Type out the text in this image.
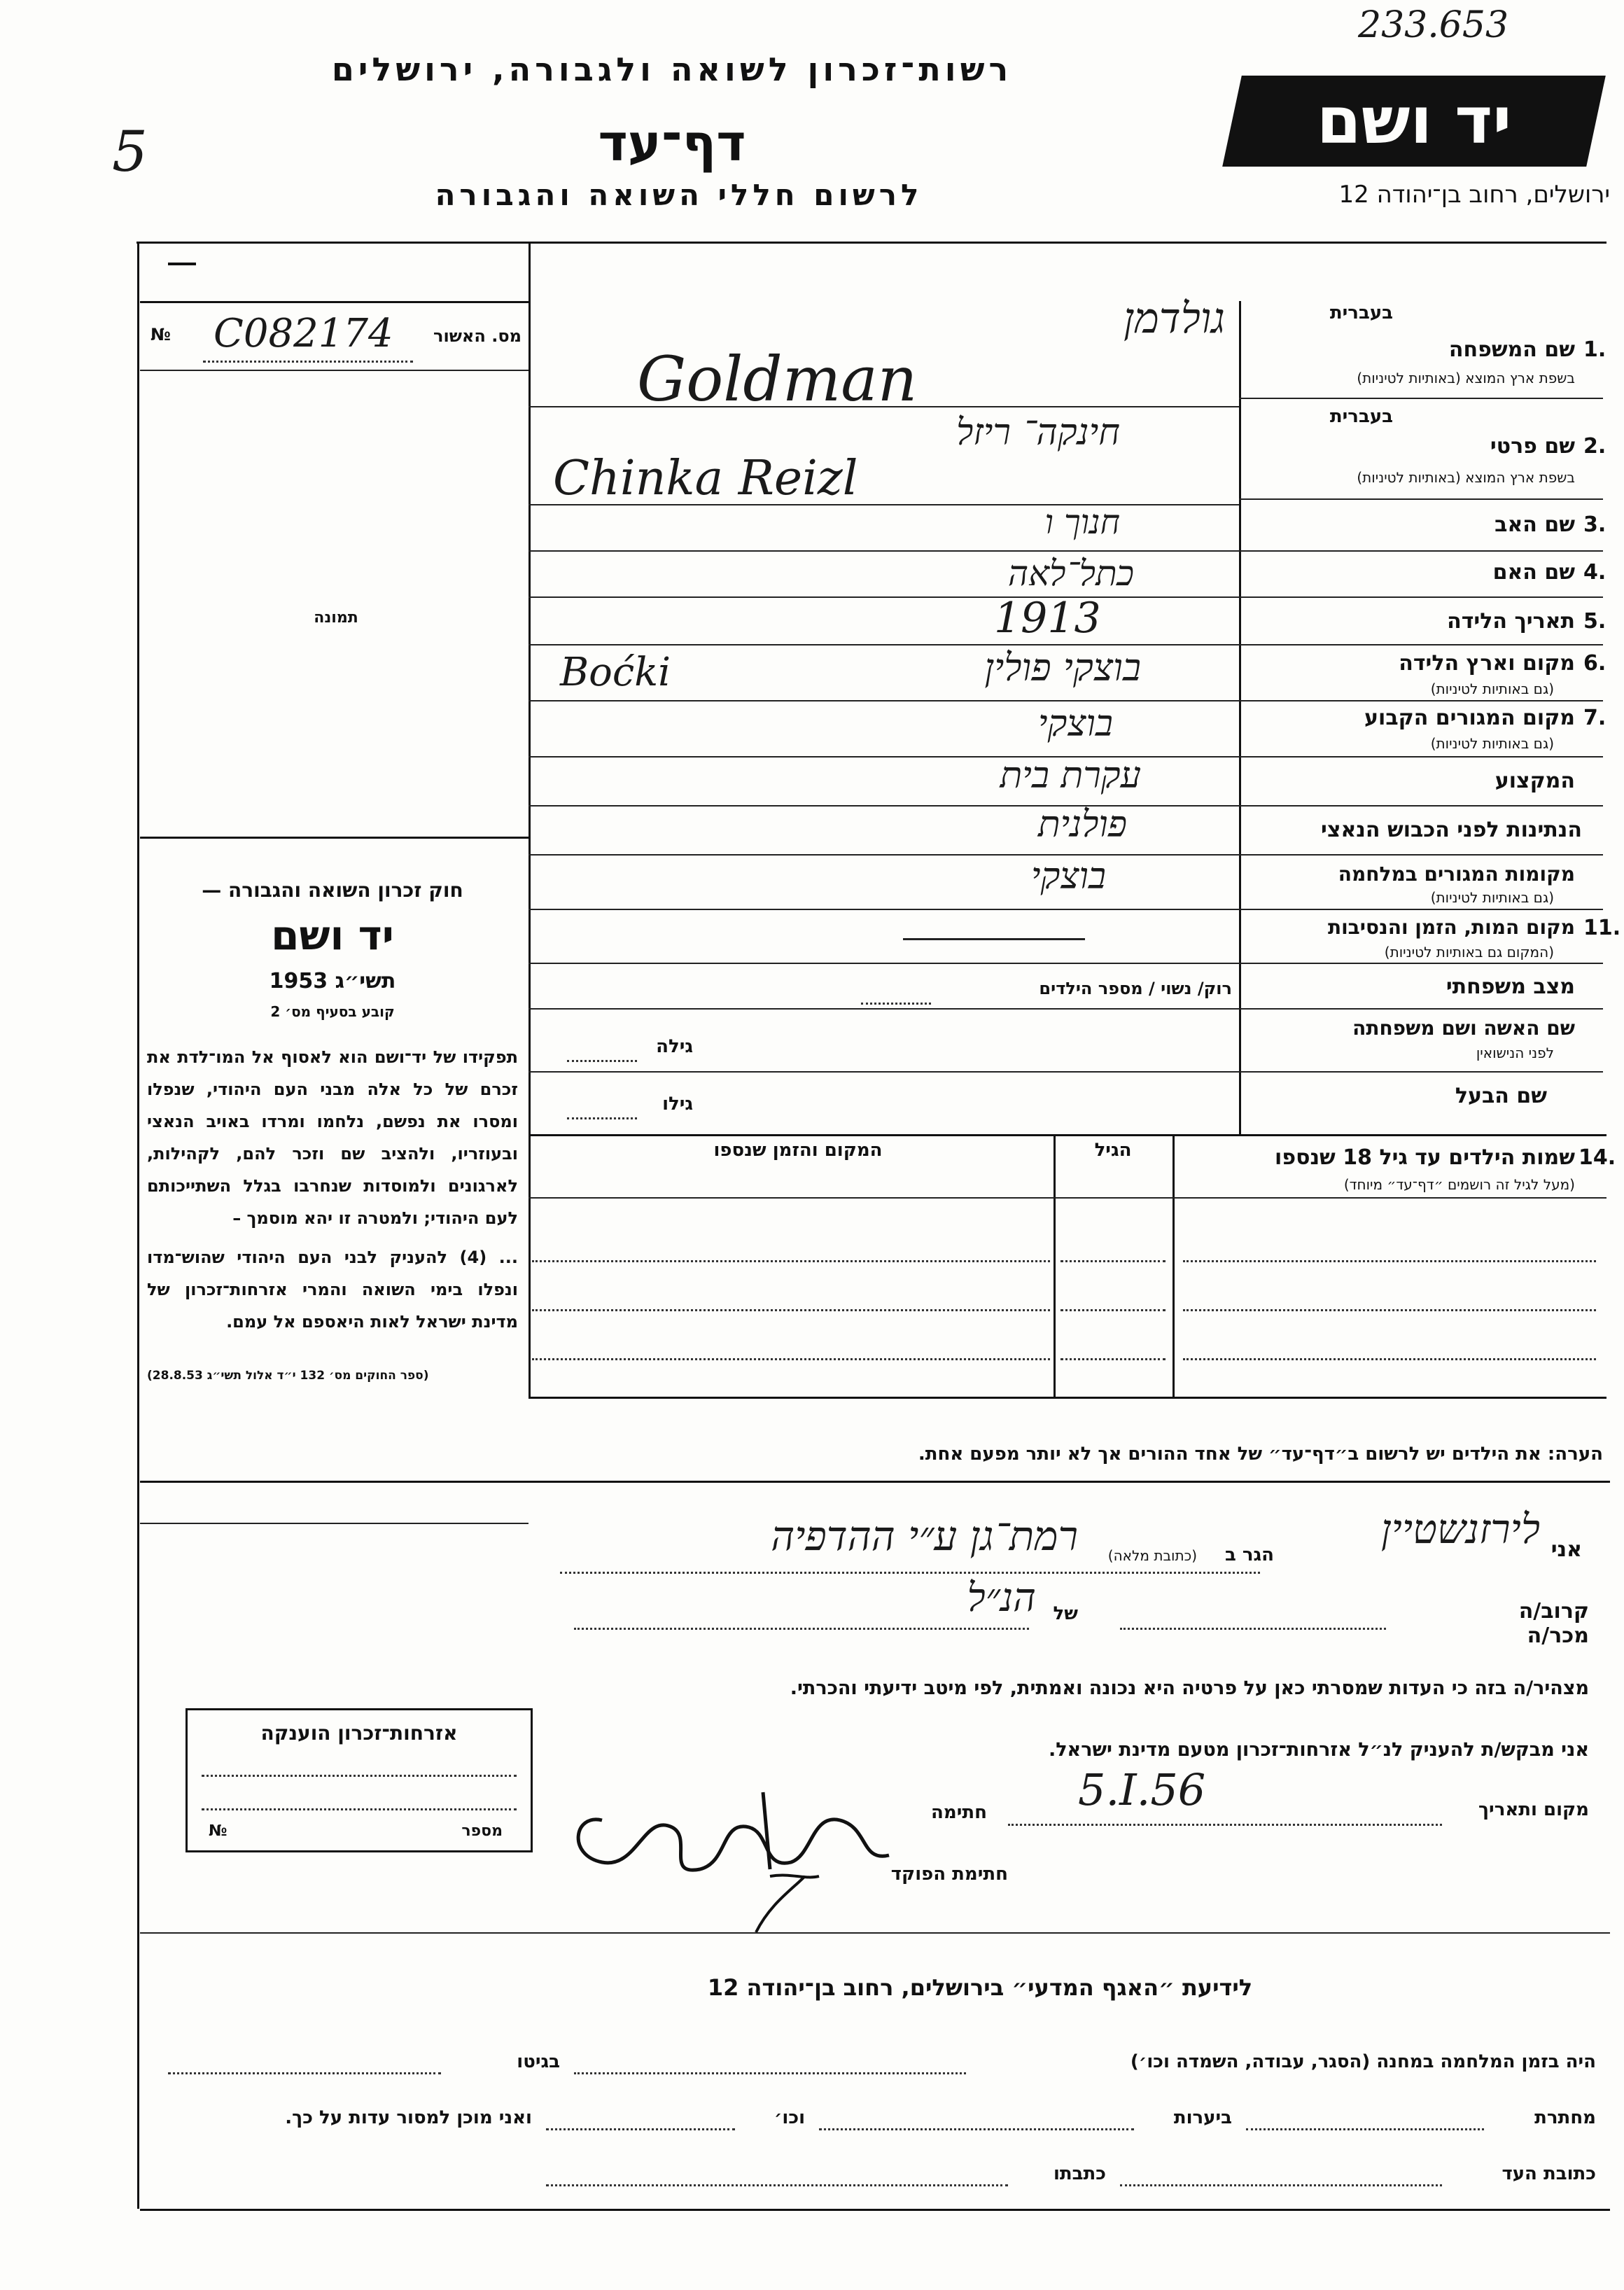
233.653
5
רשות־זכרון לשואה ולגבורה, ירושלים
דף־עד
לרשום חללי השואה והגבורה
יד ושם
ירושלים, רחוב בן־יהודה 12
№ C082174 מס. האשור
תמונה
חוק זכרון השואה והגבורה —
יד ושם
תשי״ג 1953
קובע בסעיף מס׳ 2
תפקידו של יד־ושם הוא לאסוף אל המו־לדת את זכרם של כל אלה מבני העם היהודי, שנפלו ומסרו את נפשם, נלחמו ומרדו באויב הנאצי ובעוזריו, ולהציב שם וזכר להם, לקהילות, לארגונים ולמוסדות שנחרבו בגלל השתייכותם לעם היהודי; ולמטרה זו יהא מוסמך –
... (4) להעניק לבני העם היהודי שהוש־מדו ונפלו בימי השואה והמרי אזרחות־זכרון של מדינת ישראל לאות היאספם אל עמם.
(ספר החוקים מס׳ 132 י״ד אלול תשי״ג 28.8.53)
בעברית
1.
שם המשפחה
בשפת ארץ המוצא (באותיות לטיניות)
בעברית
2.
שם פרטי
בשפת ארץ המוצא (באותיות לטיניות)
3.
שם האב
4.
שם האם
5.
תאריך הלידה
6.
מקום וארץ הלידה
(גם באותיות לטיניות)
7.
מקום המגורים הקבוע
(גם באותיות לטיניות)
המקצוע
הנתינות לפני הכבוש הנאצי
מקומות המגורים במלחמה
(גם באותיות לטיניות)
11.
מקום המות, הזמן והנסיבות
(המקום גם באותיות לטיניות)
מצב משפחתי
שם האשה ושם משפחתה
לפני הנישואין
שם הבעל
גולדמן
Goldman
חינקה־ ריזל
Chinka Reizl
חנוך ו
כתל־לאה
1913
בוצקי פולין
Boćki
בוצקי
עקרת בית
פולנית
בוצקי
רוק/ נשוי / מספר הילדים
גילה
גילו
14.
שמות הילדים עד גיל 18 שנספו
(מעל לגיל זה רושמים ״דף־עד״ מיוחד)
הגיל
המקום והזמן שנספו
הערה: את הילדים יש לרשום ב״דף־עד״ של אחד ההורים אך לא יותר מפעם אחת.
אני
לירזנשטיין
הגר ב
(כתובת מלאה)
רמת־גן ע״י ההדפיה
קרוב/ה מכר/ה
של
הנ״ל
מצהיר/ה בזה כי העדות שמסרתי כאן על פרטיה היא נכונה ואמתית, לפי מיטב ידיעתי והכרתי.
אני מבקש/ת להעניק לנ״ל אזרחות־זכרון מטעם מדינת ישראל.
מקום ותאריך
5.I.56
חתימה
חתימת הפוקד
אזרחות־זכרון הוענקה
№	מספר
לידיעת ״האגף המדעי״ בירושלים, רחוב בן־יהודה 12
היה בזמן המלחמה במחנה (הסגר, עבודה, השמדה וכו׳)
בגיטו
מחתרת
ביערות
וכו׳
ואני מוכן למסור עדות על כך.
כתובת העד
כתבתו
